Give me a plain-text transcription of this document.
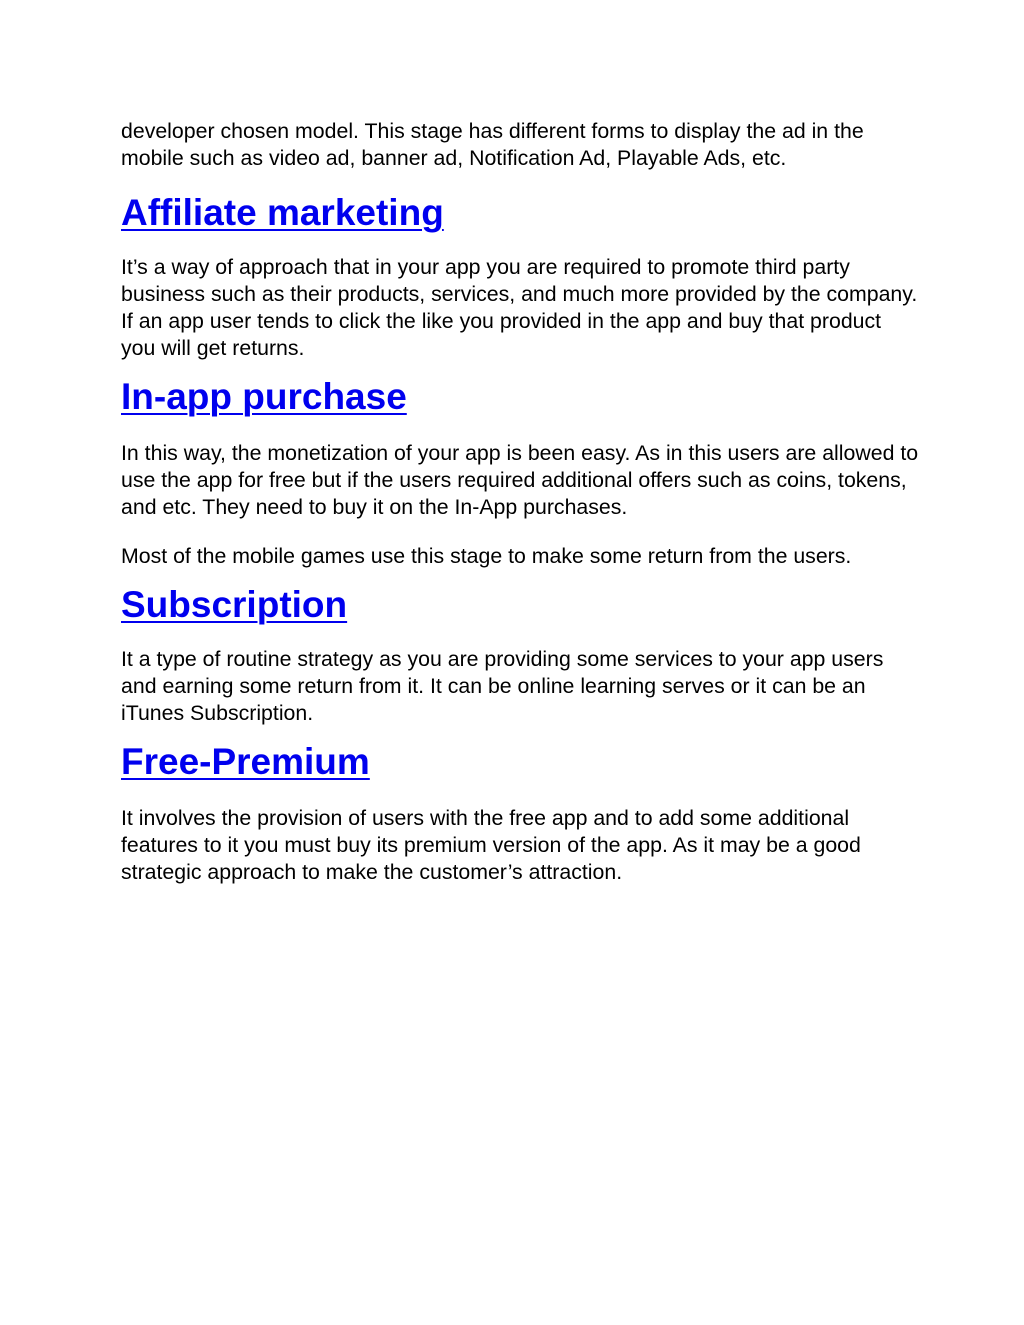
developer chosen model. This stage has different forms to display the ad in the mobile such as video ad, banner ad, Notification Ad, Playable Ads, etc.

Affiliate marketing

It’s a way of approach that in your app you are required to promote third party business such as their products, services, and much more provided by the company. If an app user tends to click the like you provided in the app and buy that product you will get returns.

In-app purchase

In this way, the monetization of your app is been easy. As in this users are allowed to use the app for free but if the users required additional offers such as coins, tokens, and etc. They need to buy it on the In-App purchases.

Most of the mobile games use this stage to make some return from the users.

Subscription

It a type of routine strategy as you are providing some services to your app users and earning some return from it. It can be online learning serves or it can be an iTunes Subscription.

Free-Premium

It involves the provision of users with the free app and to add some additional features to it you must buy its premium version of the app. As it may be a good strategic approach to make the customer’s attraction.
